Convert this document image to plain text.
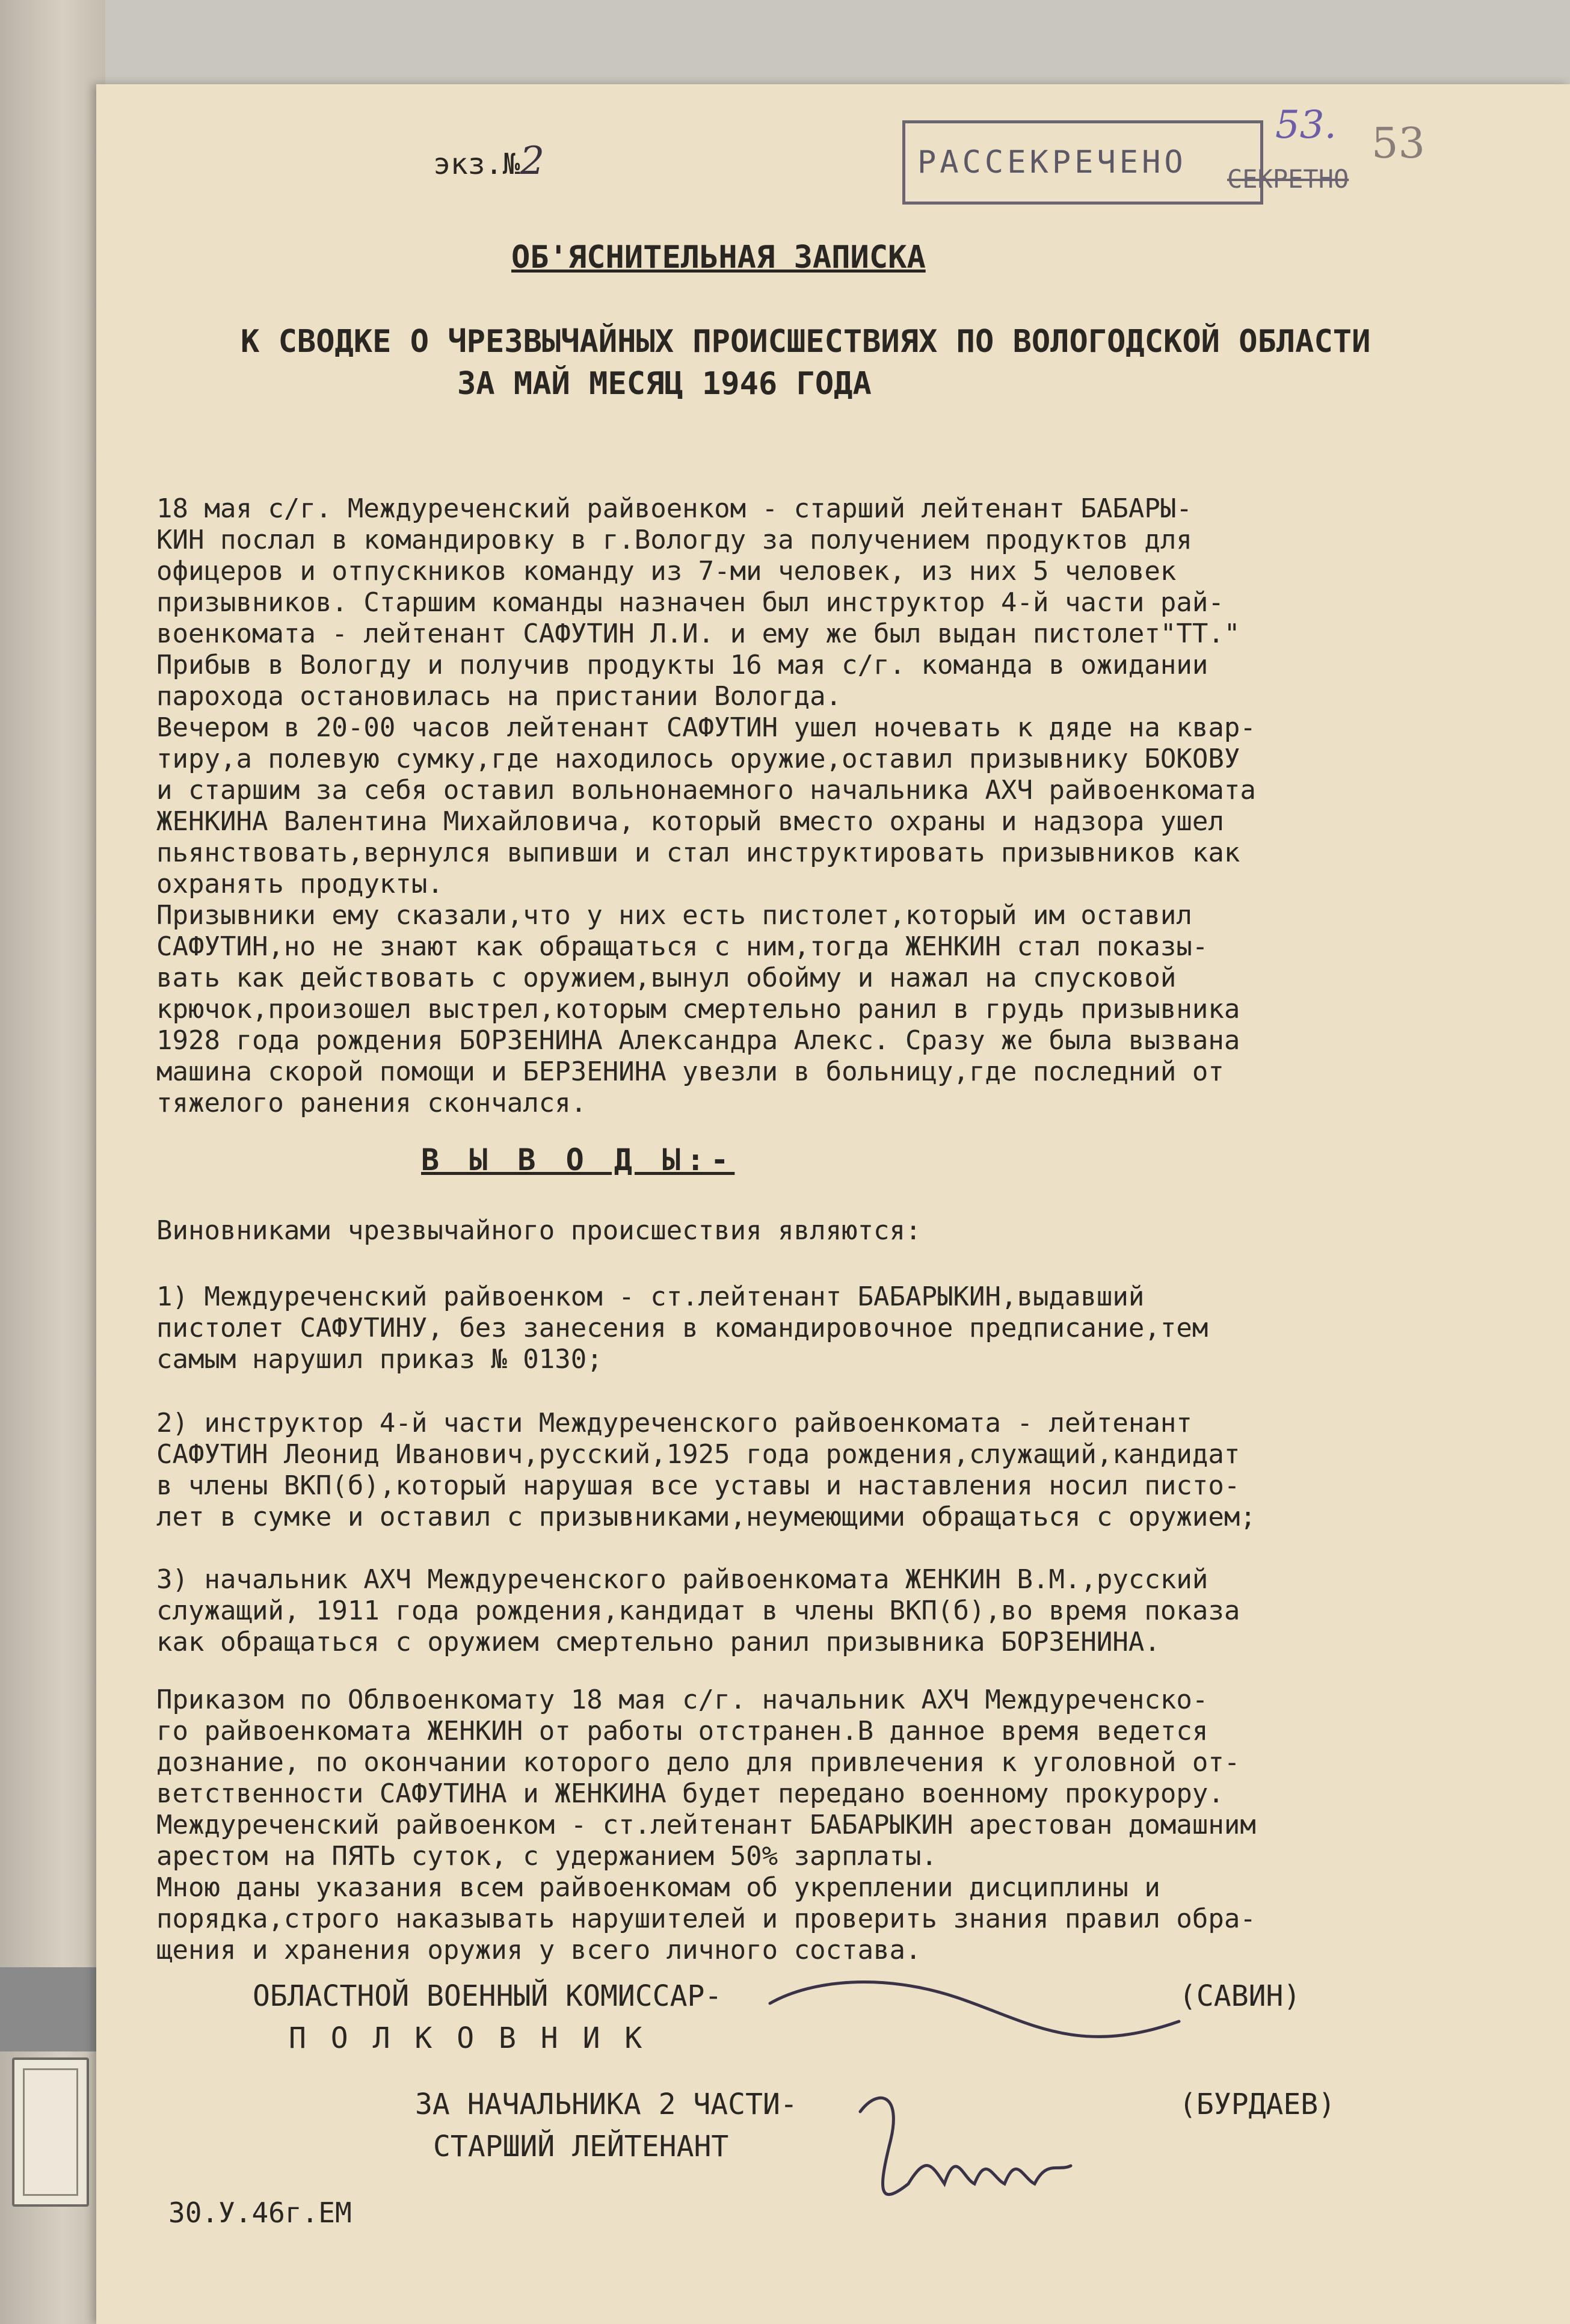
экз.№2	РАССЕКРЕЧЕНО СЕКРЕТНО
53. 53
ОБ'ЯСНИТЕЛЬНАЯ ЗАПИСКА
К СВОДКЕ О ЧРЕЗВЫЧАЙНЫХ ПРОИСШЕСТВИЯХ ПО ВОЛОГОДСКОЙ ОБЛАСТИ
ЗА МАЙ МЕСЯЦ 1946 ГОДА
18 мая с/г. Междуреченский райвоенком - старший лейтенант БАБАРЫ-
КИН послал в командировку в г.Вологду за получением продуктов для
офицеров и отпускников команду из 7-ми человек, из них 5 человек
призывников. Старшим команды назначен был инструктор 4-й части рай-
военкомата - лейтенант САФУТИН Л.И. и ему же был выдан пистолет"ТТ."
Прибыв в Вологду и получив продукты 16 мая с/г. команда в ожидании
парохода остановилась на пристании Вологда.
Вечером в 20-00 часов лейтенант САФУТИН ушел ночевать к дяде на квар-
тиру,а полевую сумку,где находилось оружие,оставил призывнику БОКОВУ
и старшим за себя оставил вольнонаемного начальника АХЧ райвоенкомата
ЖЕНКИНА Валентина Михайловича, который вместо охраны и надзора ушел
пьянствовать,вернулся выпивши и стал инструктировать призывников как
охранять продукты.
Призывники ему сказали,что у них есть пистолет,который им оставил
САФУТИН,но не знают как обращаться с ним,тогда ЖЕНКИН стал показы-
вать как действовать с оружием,вынул обойму и нажал на спусковой
крючок,произошел выстрел,которым смертельно ранил в грудь призывника
1928 года рождения БОРЗЕНИНА Александра Алекс. Сразу же была вызвана
машина скорой помощи и БЕРЗЕНИНА увезли в больницу,где последний от
тяжелого ранения скончался.
В Ы В О Д Ы:-
Виновниками чрезвычайного происшествия являются:
1) Междуреченский райвоенком - ст.лейтенант БАБАРЫКИН,выдавший
пистолет САФУТИНУ, без занесения в командировочное предписание,тем
самым нарушил приказ № 0130;
2) инструктор 4-й части Междуреченского райвоенкомата - лейтенант
САФУТИН Леонид Иванович,русский,1925 года рождения,служащий,кандидат
в члены ВКП(б),который нарушая все уставы и наставления носил писто-
лет в сумке и оставил с призывниками,неумеющими обращаться с оружием;
3) начальник АХЧ Междуреченского райвоенкомата ЖЕНКИН В.М.,русский
служащий, 1911 года рождения,кандидат в члены ВКП(б),во время показа
как обращаться с оружием смертельно ранил призывника БОРЗЕНИНА.
Приказом по Облвоенкомату 18 мая с/г. начальник АХЧ Междуреченско-
го райвоенкомата ЖЕНКИН от работы отстранен.В данное время ведется
дознание, по окончании которого дело для привлечения к уголовной от-
ветственности САФУТИНА и ЖЕНКИНА будет передано военному прокурору.
Междуреченский райвоенком - ст.лейтенант БАБАРЫКИН арестован домашним
арестом на ПЯТЬ суток, с удержанием 50% зарплаты.
Мною даны указания всем райвоенкомам об укреплении дисциплины и
порядка,строго наказывать нарушителей и проверить знания правил обра-
щения и хранения оружия у всего личного состава.
ОБЛАСТНОЙ ВОЕННЫЙ КОМИССАР-
П О Л К О В Н И К
(САВИН)
ЗА НАЧАЛЬНИКА 2 ЧАСТИ-
СТАРШИЙ ЛЕЙТЕНАНТ
(БУРДАЕВ)
30.У.46г.ЕМ
